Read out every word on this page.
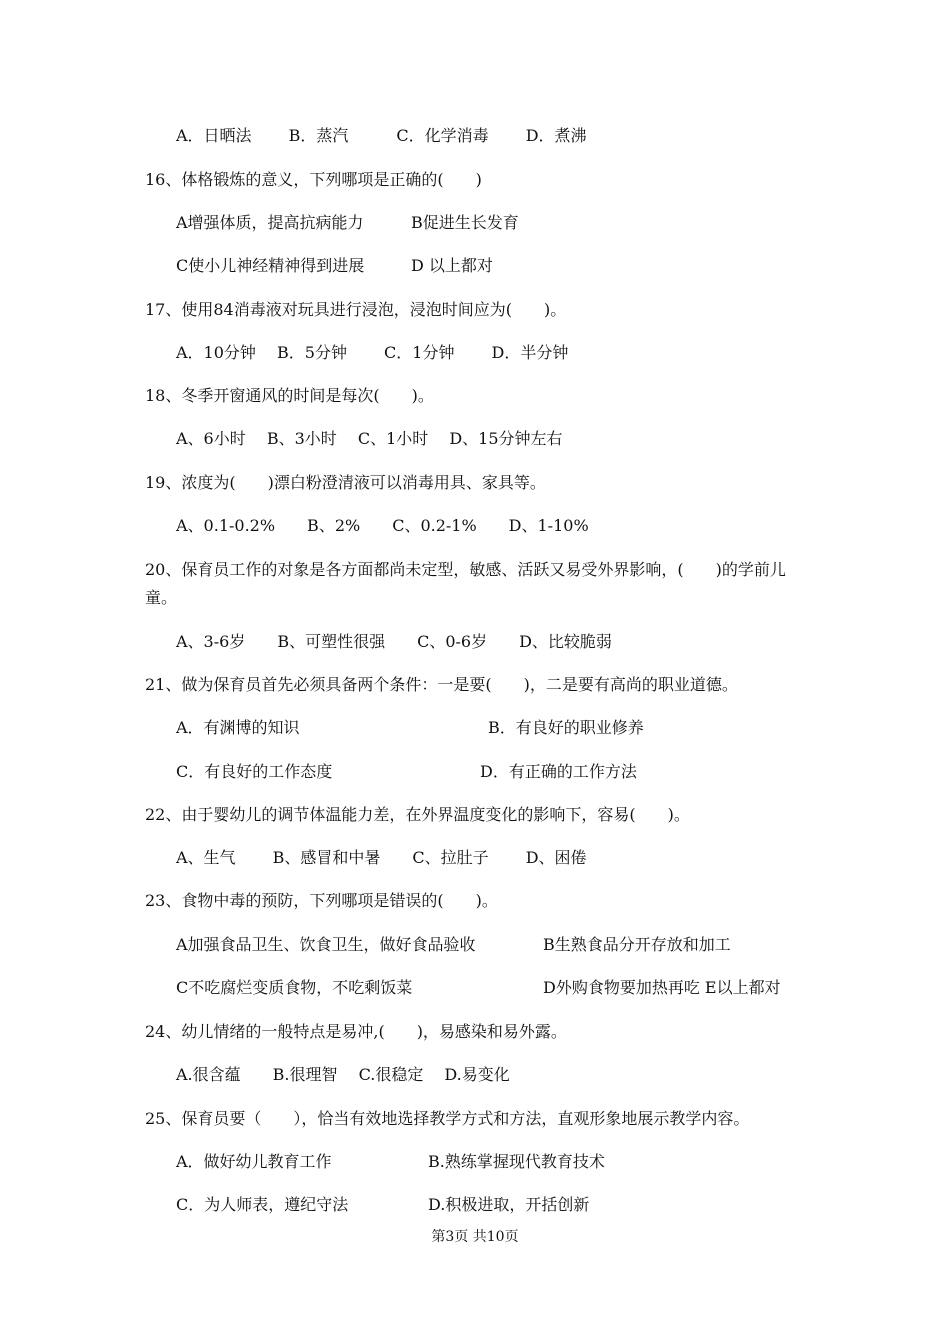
A．日晒法　　 B．蒸汽　　　C．化学消毒　　 D．煮沸
16、体格锻炼的意义，下列哪项是正确的(　　)
A增强体质，提高抗病能力	B促进生长发育
C使小儿神经精神得到进展	D 以上都对
17、使用84消毒液对玩具进行浸泡，浸泡时间应为(　　)。
A．10分钟　 B．5分钟　　 C．1分钟　　 D．半分钟
18、冬季开窗通风的时间是每次(　　)。
A、6小时　 B、3小时　 C、1小时　 D、15分钟左右
19、浓度为(　　)漂白粉澄清液可以消毒用具、家具等。
A、0.1-0.2%　　B、2%　　C、0.2-1%　　D、1-10%
20、保育员工作的对象是各方面都尚未定型，敏感、活跃又易受外界影响，(　　)的学前儿
童。
A、3-6岁　　B、可塑性很强　　C、0-6岁　　D、比较脆弱
21、做为保育员首先必须具备两个条件：一是要(　　)，二是要有高尚的职业道德。
A．有渊博的知识	B．有良好的职业修养
C．有良好的工作态度	D．有正确的工作方法
22、由于婴幼儿的调节体温能力差，在外界温度变化的影响下，容易(　　)。
A、生气　　 B、感冒和中暑　　C、拉肚子　　 D、困倦
23、食物中毒的预防，下列哪项是错误的(　　)。
A加强食品卫生、饮食卫生，做好食品验收	B生熟食品分开存放和加工
C不吃腐烂变质食物，不吃剩饭菜	D外购食物要加热再吃 E以上都对
24、幼儿情绪的一般特点是易冲,(　　)，易感染和易外露。
A.很含蕴　　B.很理智　 C.很稳定　 D.易变化
25、保育员要（　　），恰当有效地选择教学方式和方法，直观形象地展示教学内容。
A．做好幼儿教育工作	B.熟练掌握现代教育技术
C．为人师表，遵纪守法	D.积极进取，开括创新
第3页 共10页
